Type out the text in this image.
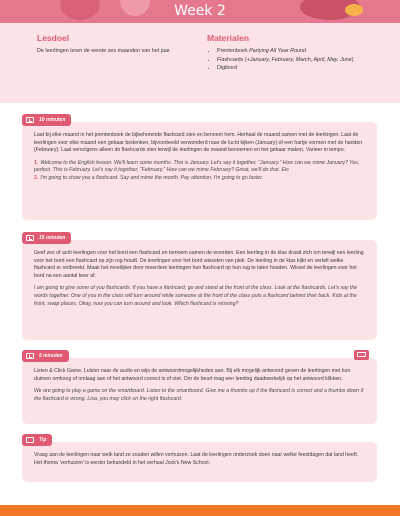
Week 2
Lesdoel

De leerlingen leren de eerste zes maanden van het jaar.

Materialen
• Prentenboek Partying All Year Round
• Flashcards (+January, February, March, April, May, June)
• Digibord
10 minuten

Laat bij elke maand in het prentenboek de bijbehorende flashcard zien en benoem hem. Herhaal de maand samen met de leerlingen. Laat de leerlingen voor elke maand een gebaar bedenken, bijvoorbeeld verwonderd naar de lucht kijken (January) of een hartje vormen met de handen (February). Laat vervolgens alleen de flashcards zien terwijl de leerlingen de maand benoemen en het gebaar maken. Varieer in tempo.

1. Welcome to the English lesson. We'll learn some months. This is January. Let's say it together, “January.” How can we mime January? Yes, perfect. This is February. Let's say it together, “February.” How can we mime February? Great, we'll do that. Etc

2. I'm going to show you a flashcard. Say and mime the month. Pay attention, I'm going to go faster.

15 minuten

Geef zes of acht leerlingen voor het bord een flashcard en benoem samen de woorden. Een leerling in de klas draait zich om terwijl een leerling voor het bord een flashcard op zijn rug houdt. De leerlingen voor het bord wisselen van plek. De leerling in de klas kijkt en vertelt welke flashcard er ontbreekt. Maak het moeilijker door meerdere leerlingen hun flashcard op hun rug te laten houden. Wissel de leerlingen voor het bord na een aantal keer af.

I am going to give some of you flashcards. If you have a flashcard, go and stand at the front of the class. Look at the flashcards. Let's say the words together. One of you in the class will turn around while someone at the front of the class puts a flashcard behind their back. Kids at the front, swap places. Okay, now you can turn around and look. Which flashcard is missing?

5 minuten

Listen & Click Game. Luister naar de audio en wijs de antwoordmogelijkheden aan. Bij elk mogelijk antwoord geven de leerlingen met hun duimen omhoog of omlaag aan of het antwoord correct is of niet. Om de beurt mag een leerling daadwerkelijk op het antwoord klikken.

We are going to play a game on the smartboard. Listen to the smartboard. Give me a thumbs up if the flashcard is correct and a thumbs down if the flashcard is wrong. Lisa, you may click on the right flashcard.

Tip

Vraag aan de leerlingen naar welk land ze zouden willen verhuizen. Laat de leerlingen onderzoek doen naar welke feestdagen dat land heeft. Het thema 'verhuizen' is eerder behandeld in het verhaal Jock's New School.
